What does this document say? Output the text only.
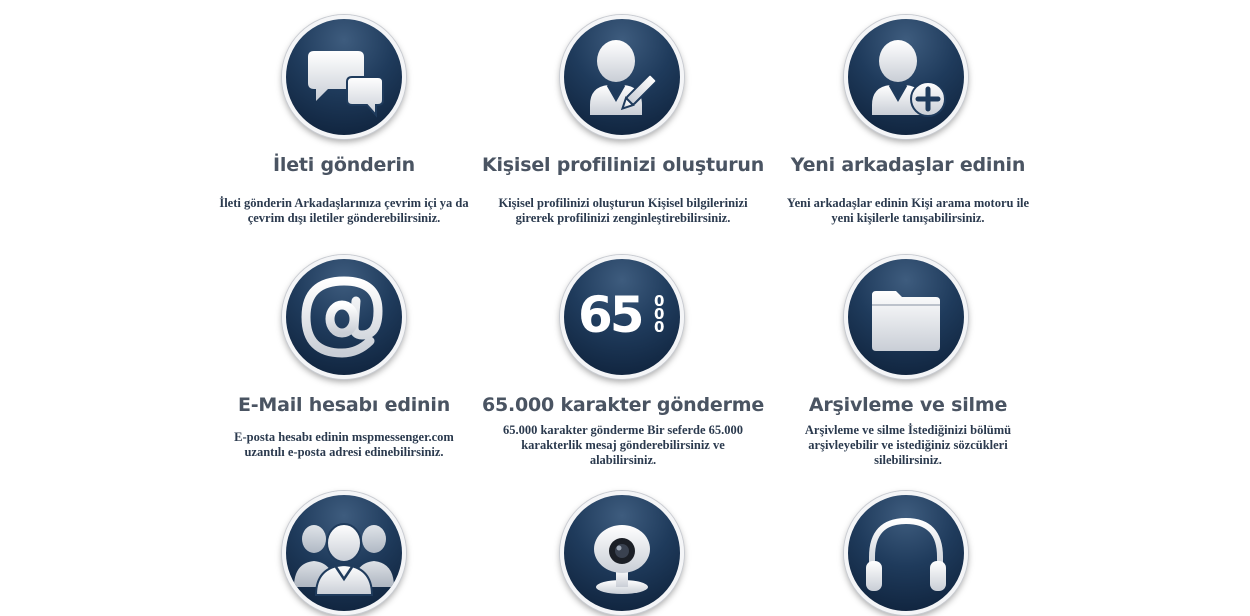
İleti gönderin
İleti gönderin Arkadaşlarınıza çevrim içi ya da çevrim dışı iletiler gönderebilirsiniz.
Kişisel profilinizi oluşturun
Kişisel profilinizi oluşturun Kişisel bilgilerinizi girerek profilinizi zenginleştirebilirsiniz.
Yeni arkadaşlar edinin
Yeni arkadaşlar edinin Kişi arama motoru ile yeni kişilerle tanışabilirsiniz.
E-Mail hesabı edinin
E-posta hesabı edinin mspmessenger.com uzantılı e-posta adresi edinebilirsiniz.
65 000
65.000 karakter gönderme
65.000 karakter gönderme Bir seferde 65.000 karakterlik mesaj gönderebilirsiniz ve alabilirsiniz.
Arşivleme ve silme
Arşivleme ve silme İstediğinizi bölümü arşivleyebilir ve istediğiniz sözcükleri silebilirsiniz.
